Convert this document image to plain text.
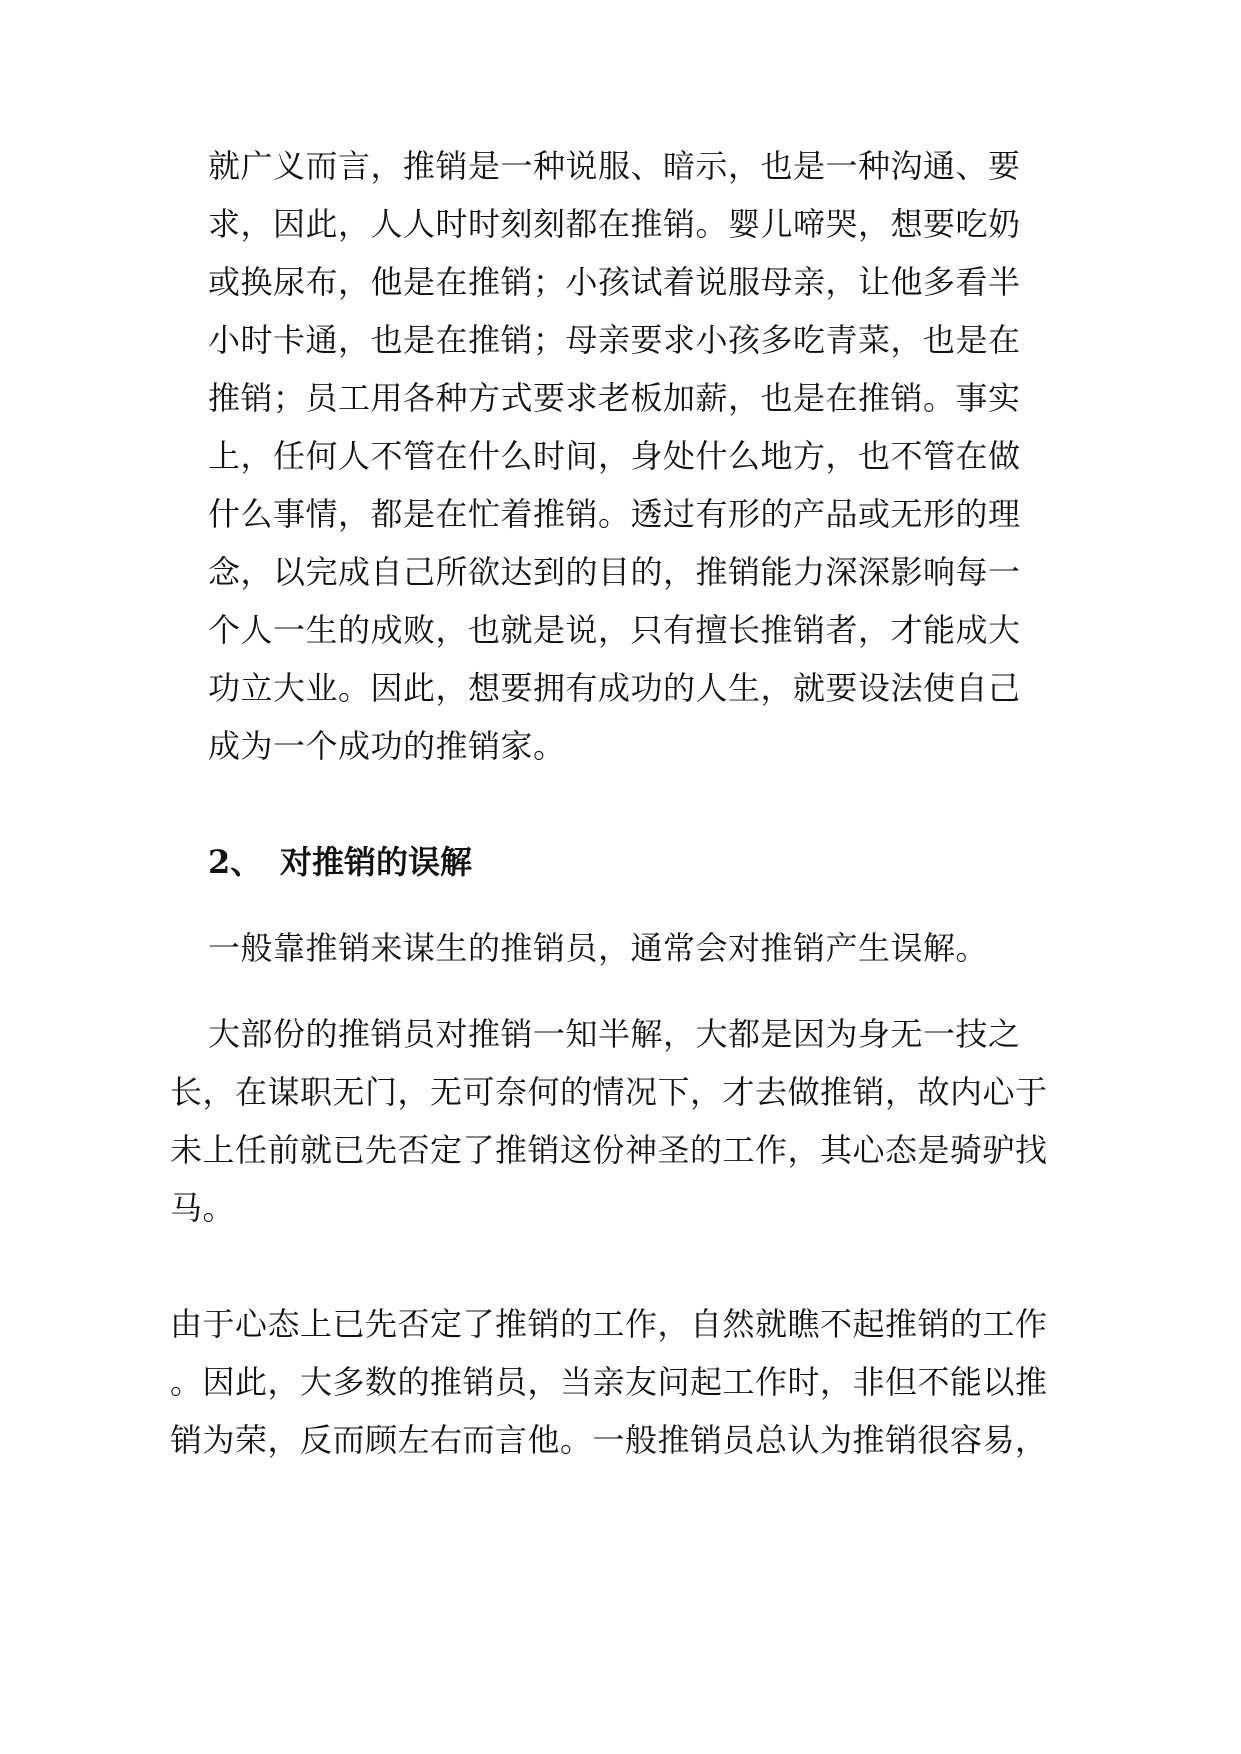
就广义而言，推销是一种说服、暗示，也是一种沟通、要
求，因此，人人时时刻刻都在推销。婴儿啼哭，想要吃奶
或换尿布，他是在推销；小孩试着说服母亲，让他多看半
小时卡通，也是在推销；母亲要求小孩多吃青菜，也是在
推销；员工用各种方式要求老板加薪，也是在推销。事实
上，任何人不管在什么时间，身处什么地方，也不管在做
什么事情，都是在忙着推销。透过有形的产品或无形的理
念，以完成自己所欲达到的目的，推销能力深深影响每一
个人一生的成败，也就是说，只有擅长推销者，才能成大
功立大业。因此，想要拥有成功的人生，就要设法使自己
成为一个成功的推销家。
2、 对推销的误解
一般靠推销来谋生的推销员，通常会对推销产生误解。
大部份的推销员对推销一知半解，大都是因为身无一技之
长，在谋职无门，无可奈何的情况下，才去做推销，故内心于
未上任前就已先否定了推销这份神圣的工作，其心态是骑驴找
马。
由于心态上已先否定了推销的工作，自然就瞧不起推销的工作
。因此，大多数的推销员，当亲友问起工作时，非但不能以推
销为荣，反而顾左右而言他。一般推销员总认为推销很容易，
